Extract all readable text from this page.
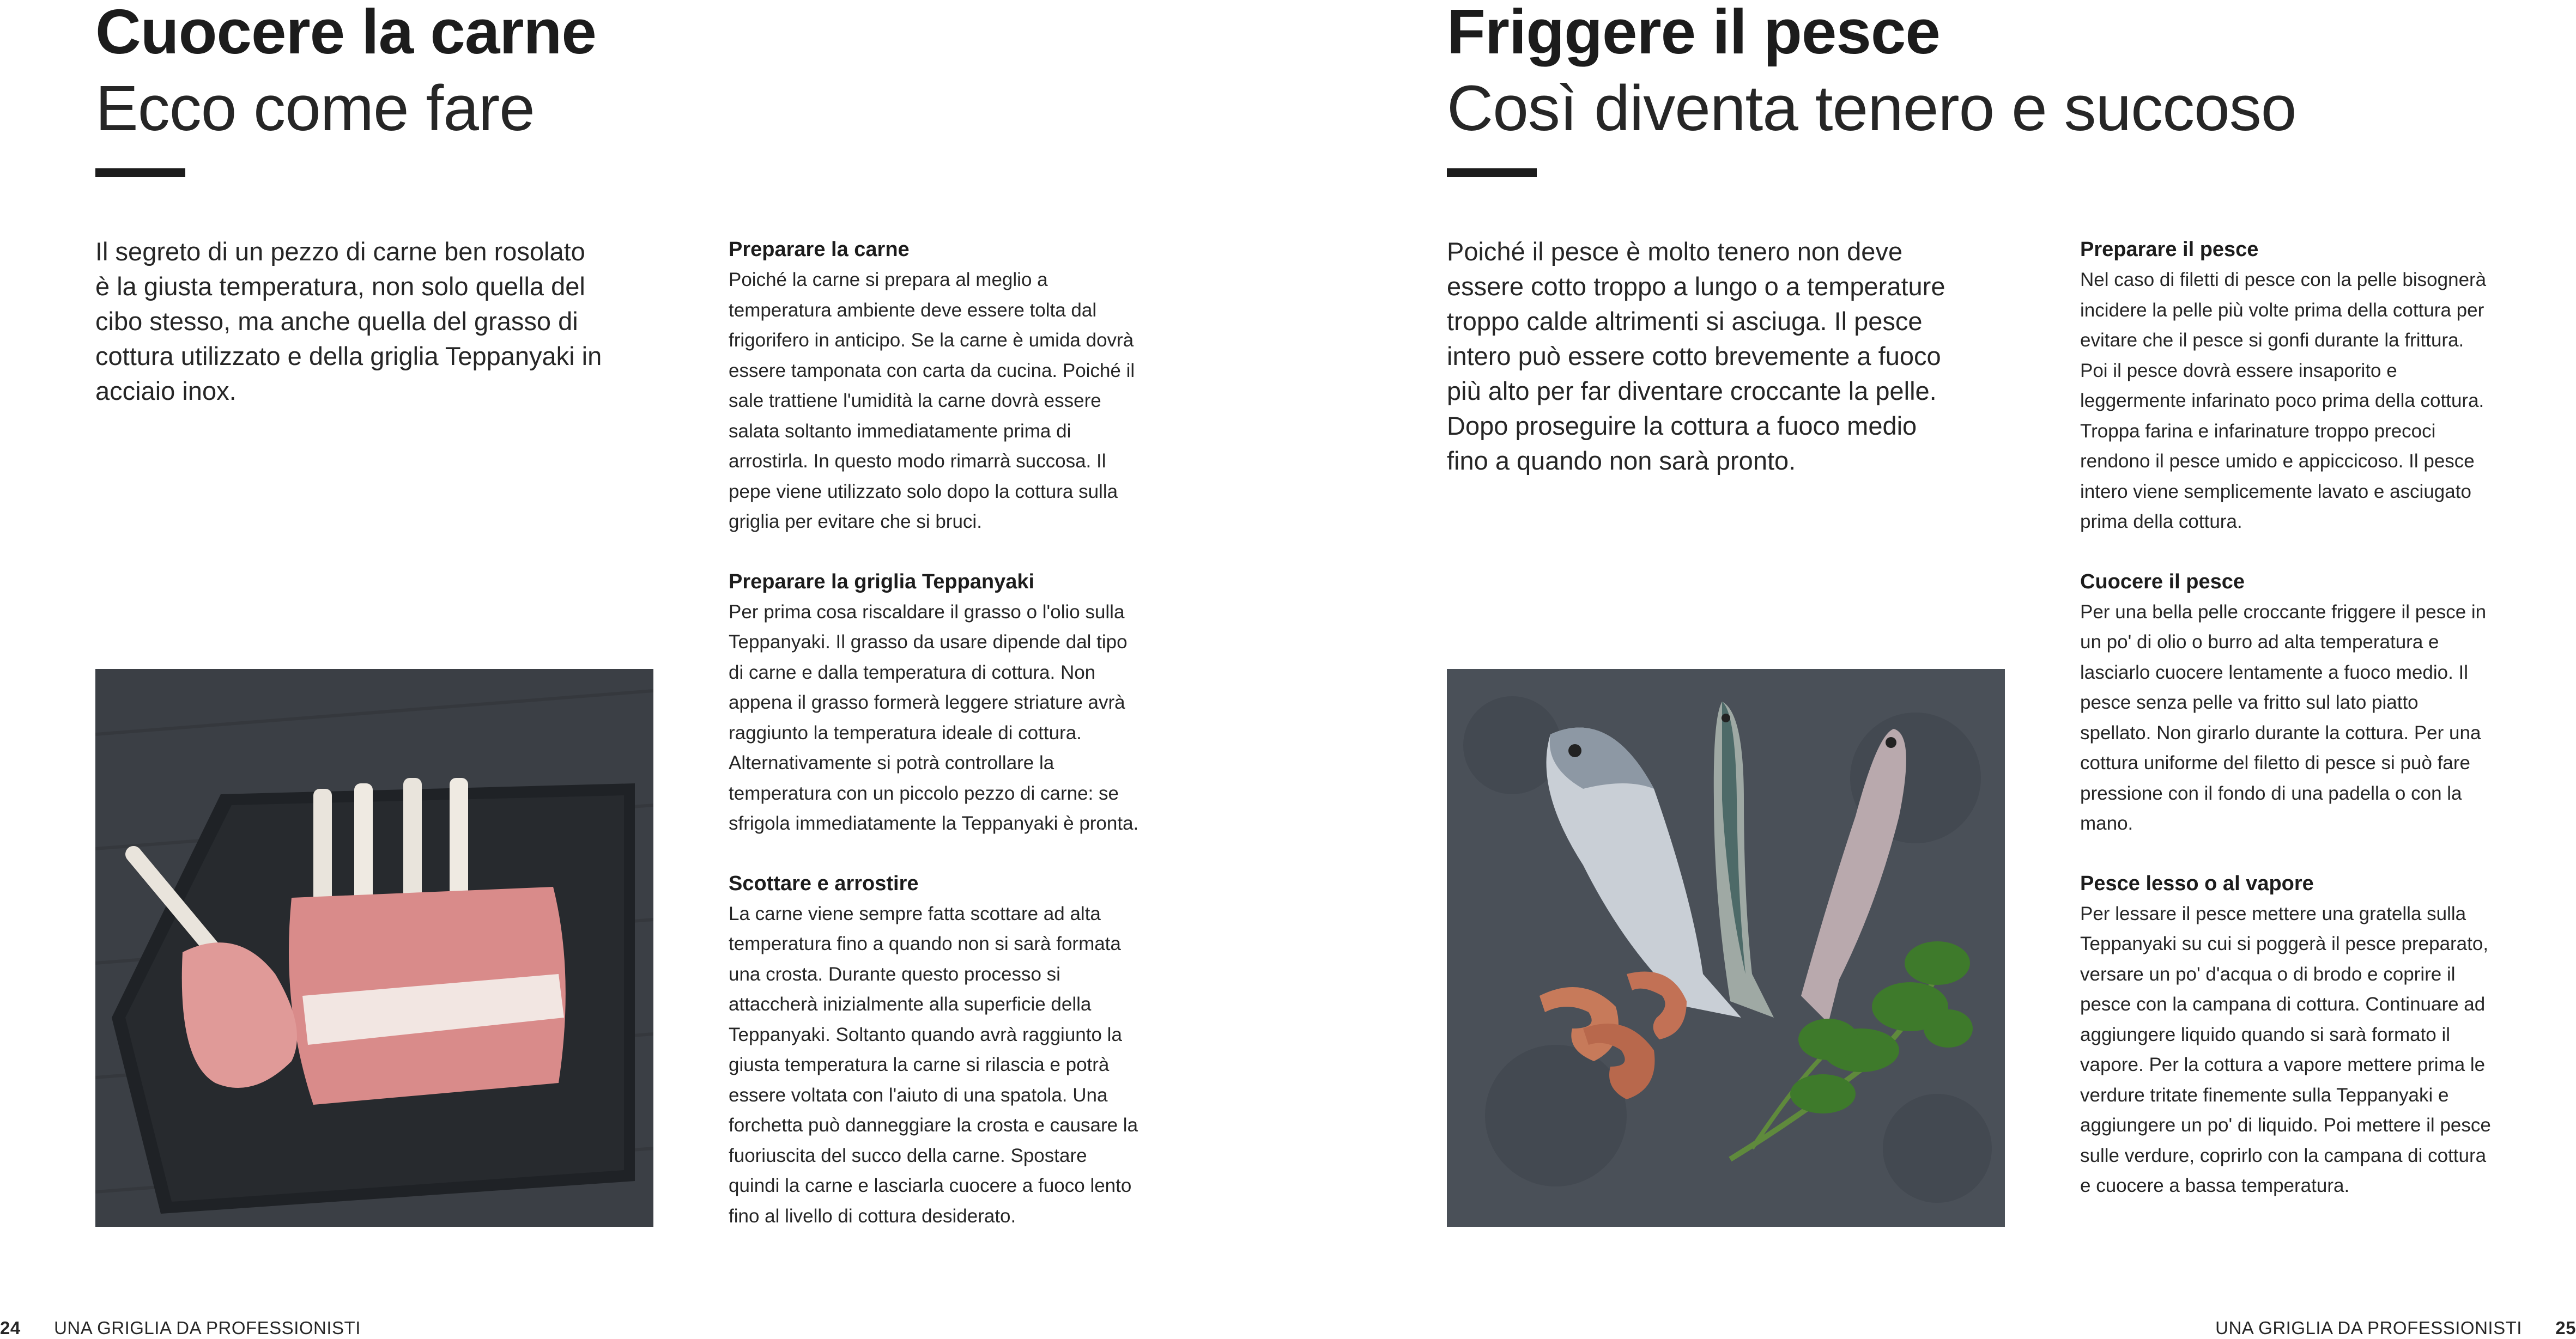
Cuocere la carne
Ecco come fare

Il segreto di un pezzo di carne ben rosolato è la giusta temperatura, non solo quella del cibo stesso, ma anche quella del grasso di cottura utilizzato e della griglia Teppanyaki in acciaio inox.

Preparare la carne

Poiché la carne si prepara al meglio a temperatura ambiente deve essere tolta dal frigorifero in anticipo. Se la carne è umida dovrà essere tamponata con carta da cucina. Poiché il sale trattiene l'umidità la carne dovrà essere salata soltanto immediatamente prima di arrostirla. In questo modo rimarrà succosa. Il pepe viene utilizzato solo dopo la cottura sulla griglia per evitare che si bruci.

Preparare la griglia Teppanyaki

Per prima cosa riscaldare il grasso o l'olio sulla Teppanyaki. Il grasso da usare dipende dal tipo di carne e dalla temperatura di cottura. Non appena il grasso formerà leggere striature avrà raggiunto la temperatura ideale di cottura. Alternativamente si potrà controllare la temperatura con un piccolo pezzo di carne: se sfrigola immediatamente la Teppanyaki è pronta.

Scottare e arrostire

La carne viene sempre fatta scottare ad alta temperatura fino a quando non si sarà formata una crosta. Durante questo processo si attaccherà inizialmente alla superficie della Teppanyaki. Soltanto quando avrà raggiunto la giusta temperatura la carne si rilascia e potrà essere voltata con l'aiuto di una spatola. Una forchetta può danneggiare la crosta e causare la fuoriuscita del succo della carne. Spostare quindi la carne e lasciarla cuocere a fuoco lento fino al livello di cottura desiderato.

24 UNA GRIGLIA DA PROFESSIONISTI
Friggere il pesce
Così diventa tenero e succoso

Poiché il pesce è molto tenero non deve essere cotto troppo a lungo o a temperature troppo calde altrimenti si asciuga. Il pesce intero può essere cotto brevemente a fuoco più alto per far diventare croccante la pelle. Dopo proseguire la cottura a fuoco medio fino a quando non sarà pronto.

Preparare il pesce

Nel caso di filetti di pesce con la pelle bisognerà incidere la pelle più volte prima della cottura per evitare che il pesce si gonfi durante la frittura. Poi il pesce dovrà essere insaporito e leggermente infarinato poco prima della cottura. Troppa farina e infarinature troppo precoci rendono il pesce umido e appiccicoso. Il pesce intero viene semplicemente lavato e asciugato prima della cottura.

Cuocere il pesce

Per una bella pelle croccante friggere il pesce in un po' di olio o burro ad alta temperatura e lasciarlo cuocere lentamente a fuoco medio. Il pesce senza pelle va fritto sul lato piatto spellato. Non girarlo durante la cottura. Per una cottura uniforme del filetto di pesce si può fare pressione con il fondo di una padella o con la mano.

Pesce lesso o al vapore

Per lessare il pesce mettere una gratella sulla Teppanyaki su cui si poggerà il pesce preparato, versare un po' d'acqua o di brodo e coprire il pesce con la campana di cottura. Continuare ad aggiungere liquido quando si sarà formato il vapore. Per la cottura a vapore mettere prima le verdure tritate finemente sulla Teppanyaki e aggiungere un po' di liquido. Poi mettere il pesce sulle verdure, coprirlo con la campana di cottura e cuocere a bassa temperatura.

UNA GRIGLIA DA PROFESSIONISTI 25
